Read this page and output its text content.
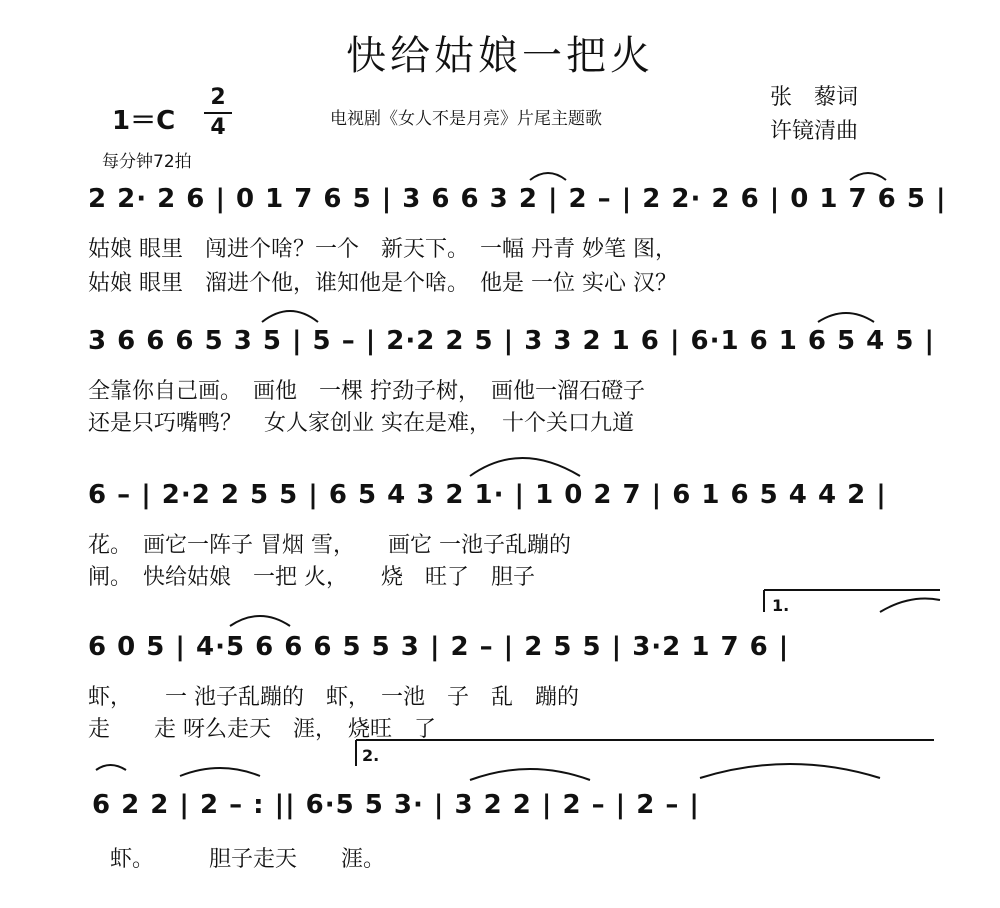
快给姑娘一把火
1＝C
2
4	电视剧《女人不是月亮》片尾主题歌
每分钟72拍
张　藜词
许镜清曲
2 2· 2 6 | 0 1 7 6 5 | 3 6 6 3 2 | 2 – | 2 2· 2 6 | 0 1 7 6 5 |
姑娘 眼里　闯进个啥？一个　新天下。　一幅 丹青 妙笔 图，
姑娘 眼里　溜进个他，谁知他是个啥。　他是 一位 实心 汉？
3 6 6 6 5 3 5 | 5 – | 2·2 2 5 | 3 3 2 1 6 | 6·1 6 1 6 5 4 5 |
全靠你自己画。　画他　一棵 拧劲子树，　画他一溜石磴子
还是只巧嘴鸭？　女人家创业 实在是难，　十个关口九道
6 – | 2·2 2 5 5 | 6 5 4 3 2 1· | 1 0 2 7 | 6 1 6 5 4 4 2 |
花。　画它一阵子 冒烟 雪，　　画它 一池子乱蹦的
闸。　快给姑娘　一把 火，　　烧　旺了　胆子
1.
6 0 5 | 4·5 6 6 6 5 5 3 | 2 – | 2 5 5 | 3·2 1 7 6 |
虾，　　一 池子乱蹦的　虾，　一池　子　乱　蹦的
走　　走 呀么走天　涯，　烧旺　了
2.
6 2 2 | 2 – : || 6·5 5 3· | 3 2 2 | 2 – | 2 – |
虾。　　　胆子走天　　涯。
